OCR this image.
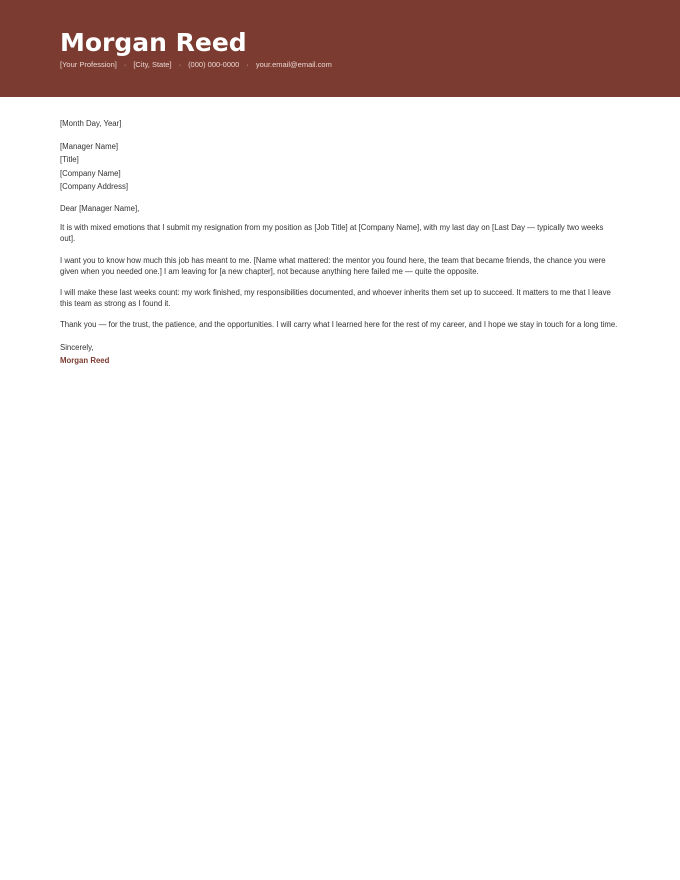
Morgan Reed
[Your Profession] · [City, State] · (000) 000-0000 · your.email@email.com

[Month Day, Year]

[Manager Name]
[Title]
[Company Name]
[Company Address]

Dear [Manager Name],

It is with mixed emotions that I submit my resignation from my position as [Job Title] at [Company Name], with my last day on [Last Day — typically two weeks out].

I want you to know how much this job has meant to me. [Name what mattered: the mentor you found here, the team that became friends, the chance you were given when you needed one.] I am leaving for [a new chapter], not because anything here failed me — quite the opposite.

I will make these last weeks count: my work finished, my responsibilities documented, and whoever inherits them set up to succeed. It matters to me that I leave this team as strong as I found it.

Thank you — for the trust, the patience, and the opportunities. I will carry what I learned here for the rest of my career, and I hope we stay in touch for a long time.

Sincerely,

Morgan Reed
